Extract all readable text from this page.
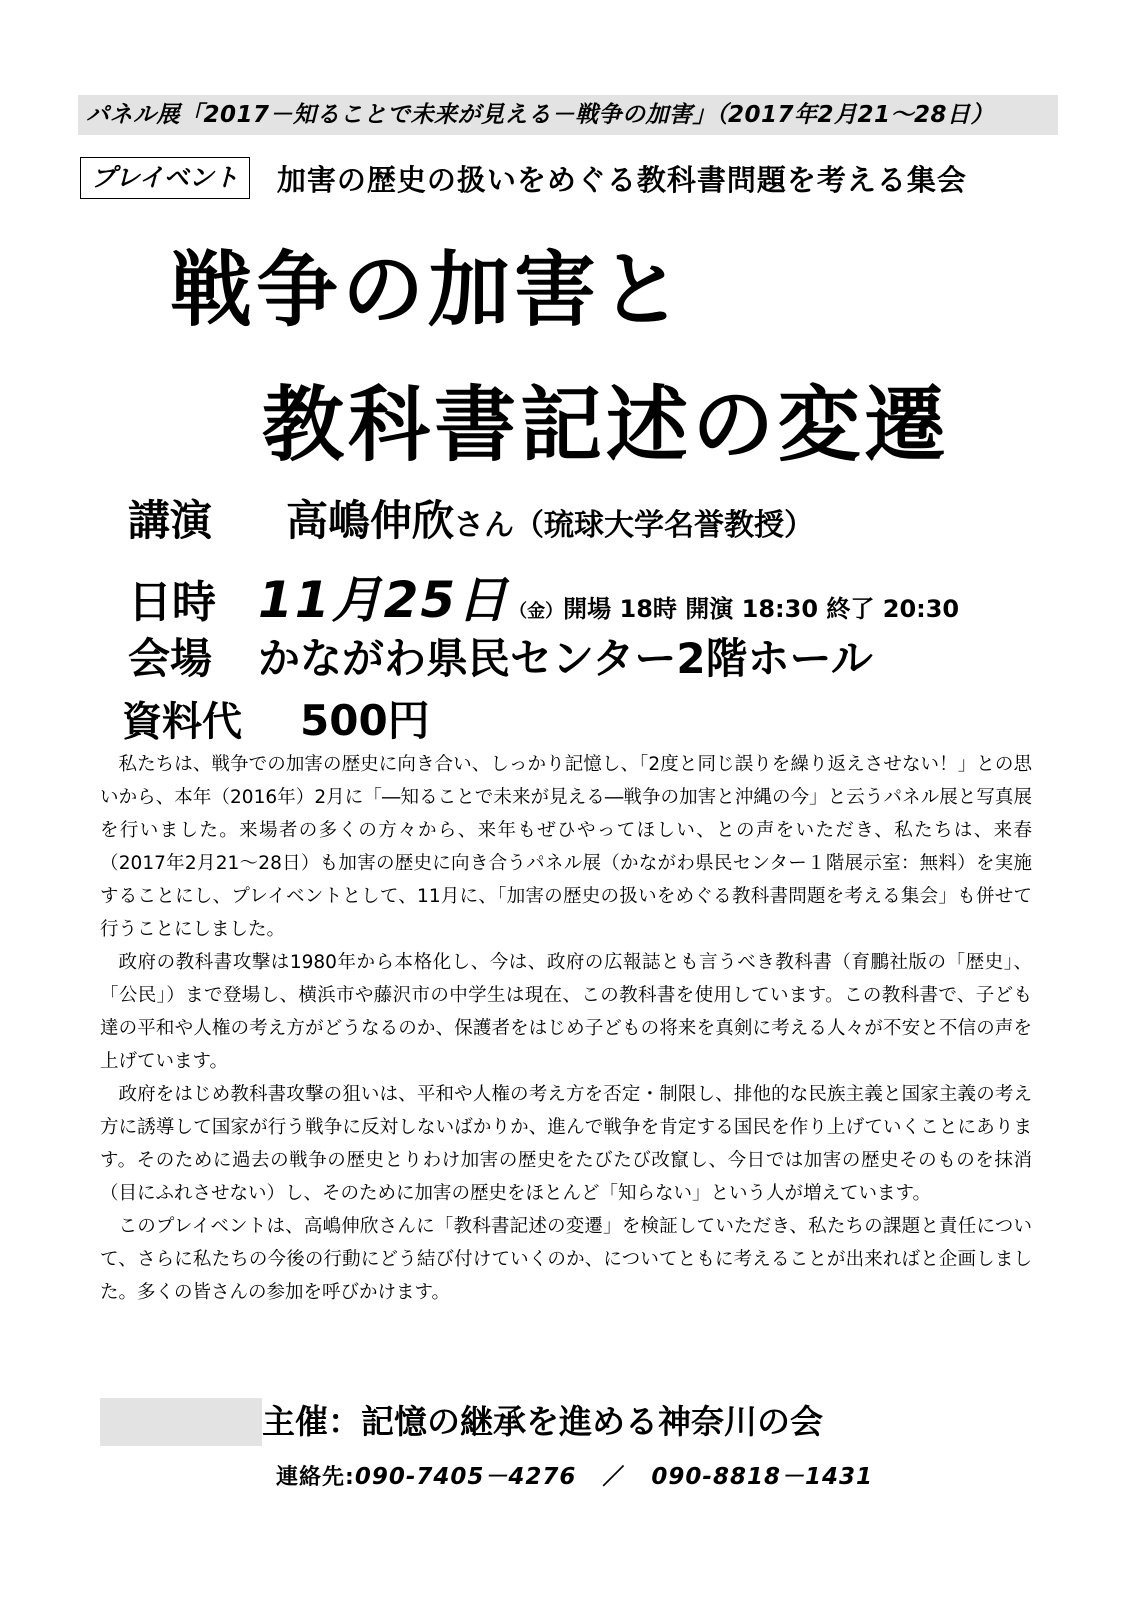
パネル展「2017－知ることで未来が見える－戦争の加害」（2017年2月21～28日）
プレイベント 加害の歴史の扱いをめぐる教科書問題を考える集会
戦争の加害と
教科書記述の変遷
講演 高嶋伸欣さん（琉球大学名誉教授）
日時 11月25日（金）開場 18時 開演 18:30 終了 20:30
会場 かながわ県民センター2階ホール
資料代 500円

私たちは、戦争での加害の歴史に向き合い、しっかり記憶し、「2度と同じ誤りを繰り返えさせない！」との思いから、本年（2016年）2月に「―知ることで未来が見える―戦争の加害と沖縄の今」と云うパネル展と写真展を行いました。来場者の多くの方々から、来年もぜひやってほしい、との声をいただき、私たちは、来春（2017年2月21～28日）も加害の歴史に向き合うパネル展（かながわ県民センター１階展示室：無料）を実施することにし、プレイベントとして、11月に、「加害の歴史の扱いをめぐる教科書問題を考える集会」も併せて行うことにしました。

政府の教科書攻撃は1980年から本格化し、今は、政府の広報誌とも言うべき教科書（育鵬社版の「歴史」、「公民」）まで登場し、横浜市や藤沢市の中学生は現在、この教科書を使用しています。この教科書で、子ども達の平和や人権の考え方がどうなるのか、保護者をはじめ子どもの将来を真剣に考える人々が不安と不信の声を上げています。

政府をはじめ教科書攻撃の狙いは、平和や人権の考え方を否定・制限し、排他的な民族主義と国家主義の考え方に誘導して国家が行う戦争に反対しないばかりか、進んで戦争を肯定する国民を作り上げていくことにあります。そのために過去の戦争の歴史とりわけ加害の歴史をたびたび改竄し、今日では加害の歴史そのものを抹消（目にふれさせない）し、そのために加害の歴史をほとんど「知らない」という人が増えています。

このプレイベントは、高嶋伸欣さんに「教科書記述の変遷」を検証していただき、私たちの課題と責任について、さらに私たちの今後の行動にどう結び付けていくのか、についてともに考えることが出来ればと企画しました。多くの皆さんの参加を呼びかけます。

主催：記憶の継承を進める神奈川の会
連絡先:090-7405－4276 ／ 090-8818－1431
